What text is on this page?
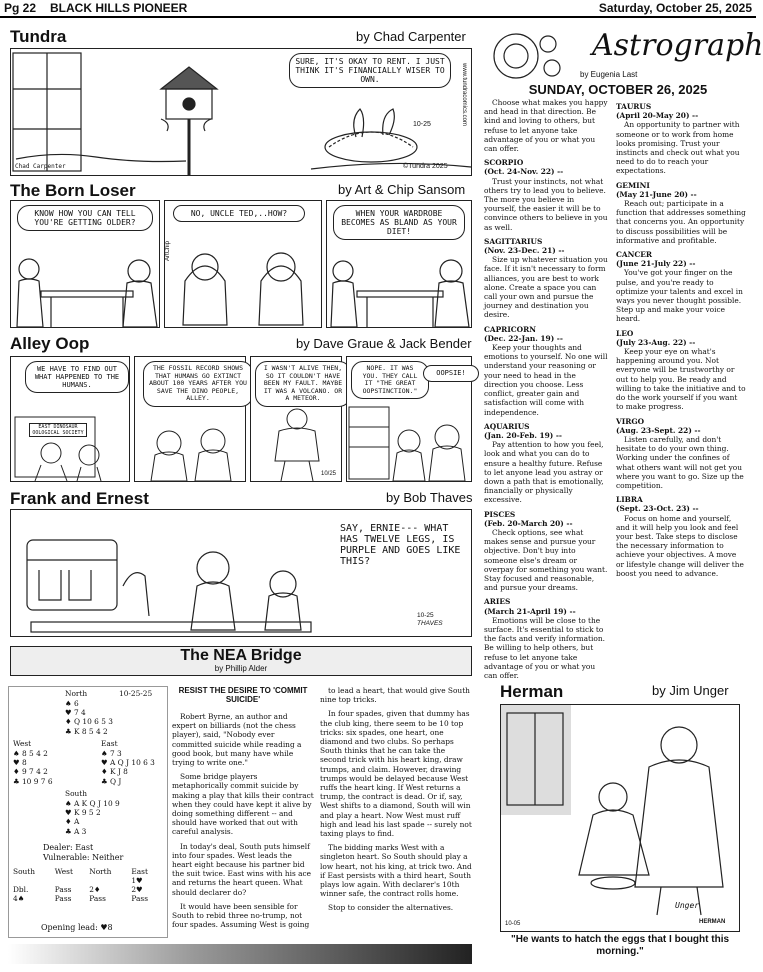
Pg 22 BLACK HILLS PIONEER	Saturday, October 25, 2025
Tundra	by Chad Carpenter
SURE, IT'S OKAY TO RENT. I JUST THINK IT'S FINANCIALLY WISER TO OWN.
10-25
©Tundra 2025
Chad Carpenter
www.tundracomics.com
The Born Loser	by Art & Chip Sansom
KNOW HOW YOU CAN TELL YOU'RE GETTING OLDER?
NO, UNCLE TED,..HOW?
ArtChip
WHEN YOUR WARDROBE BECOMES AS BLAND AS YOUR DIET!
Alley Oop	by Dave Graue & Jack Bender
WE HAVE TO FIND OUT WHAT HAPPENED TO THE HUMANS.
EAST DINOSAUR OOLOGICAL SOCIETY
THE FOSSIL RECORD SHOWS THAT HUMANS GO EXTINCT ABOUT 100 YEARS AFTER YOU SAVE THE DINO PEOPLE, ALLEY.
I WASN'T ALIVE THEN, SO IT COULDN'T HAVE BEEN MY FAULT. MAYBE IT WAS A VOLCANO. OR A METEOR.
10/25
NOPE. IT WAS YOU. THEY CALL IT "THE GREAT OOPSTINCTION."
OOPSIE!
Frank and Ernest	by Bob Thaves
SAY, ERNIE--- WHAT HAS TWELVE LEGS, IS PURPLE AND GOES LIKE THIS?
10-25
THAVES
Astrograph
by Eugenia Last
SUNDAY, OCTOBER 26, 2025

Choose what makes you happy and head in that direction. Be kind and loving to others, but refuse to let anyone take advantage of you or what you can offer.

SCORPIO
(Oct. 24-Nov. 22) --

Trust your instincts, not what others try to lead you to believe. The more you believe in yourself, the easier it will be to convince others to believe in you as well.

SAGITTARIUS
(Nov. 23-Dec. 21) --

Size up whatever situation you face. If it isn't necessary to form alliances, you are best to work alone. Create a space you can call your own and pursue the journey and destination you desire.

CAPRICORN
(Dec. 22-Jan. 19) --

Keep your thoughts and emotions to yourself. No one will understand your reasoning or your need to head in the direction you choose. Less conflict, greater gain and satisfaction will come with independence.

AQUARIUS
(Jan. 20-Feb. 19) --

Pay attention to how you feel, look and what you can do to ensure a healthy future. Refuse to let anyone lead you astray or down a path that is emotionally, financially or physically excessive.

PISCES
(Feb. 20-March 20) --

Check options, see what makes sense and pursue your objective. Don't buy into someone else's dream or overpay for something you want. Stay focused and reasonable, and pursue your dreams.

ARIES
(March 21-April 19) --

Emotions will be close to the surface. It's essential to stick to the facts and verify information. Be willing to help others, but refuse to let anyone take advantage of you or what you can offer.

TAURUS
(April 20-May 20) --

An opportunity to partner with someone or to work from home looks promising. Trust your instincts and check out what you need to do to reach your expectations.

GEMINI
(May 21-June 20) --

Reach out; participate in a function that addresses something that concerns you. An opportunity to discuss possibilities will be informative and profitable.

CANCER
(June 21-July 22) --

You've got your finger on the pulse, and you're ready to optimize your talents and excel in ways you never thought possible. Step up and make your voice heard.

LEO
(July 23-Aug. 22) --

Keep your eye on what's happening around you. Not everyone will be trustworthy or out to help you. Be ready and willing to take the initiative and to do the work yourself if you want to make progress.

VIRGO
(Aug. 23-Sept. 22) --

Listen carefully, and don't hesitate to do your own thing. Working under the confines of what others want will not get you where you want to go. Size up the competition.

LIBRA
(Sept. 23-Oct. 23) --

Focus on home and yourself, and it will help you look and feel your best. Take steps to disclose the necessary information to achieve your objectives. A move or lifestyle change will deliver the boost you need to advance.

The NEA Bridge
by Phillip Alder
North	10-25-25
♠ 6
♥ 7 4
♦ Q 10 6 5 3
♣ K 8 5 4 2
West
♠ 8 5 4 2
♥ 8
♦ 9 7 4 2
♣ 10 9 7 6
East
♠ 7 3
♥ A Q J 10 6 3
♦ K J 8
♣ Q J
South
♠ A K Q J 10 9
♥ K 9 5 2
♦ A
♣ A 3
Dealer: East
Vulnerable: Neither
South	West	North	East
			1♥
Dbl.	Pass	2♦	2♥
4♠	Pass	Pass	Pass
Opening lead: ♥8
RESIST THE DESIRE TO 'COMMIT SUICIDE'

Robert Byrne, an author and expert on billiards (not the chess player), said, "Nobody ever committed suicide while reading a good book, but many have while trying to write one."

Some bridge players metaphorically commit suicide by making a play that kills their contract when they could have kept it alive by doing something different -- and should have worked that out with careful analysis.

In today's deal, South puts himself into four spades. West leads the heart eight because his partner bid the suit twice. East wins with his ace and returns the heart queen. What should declarer do?

It would have been sensible for South to rebid three no-trump, not four spades. Assuming West is going

to lead a heart, that would give South nine top tricks.

In four spades, given that dummy has the club king, there seem to be 10 top tricks: six spades, one heart, one diamond and two clubs. So perhaps South thinks that he can take the second trick with his heart king, draw trumps, and claim. However, drawing trumps would be delayed because West ruffs the heart king. If West returns a trump, the contract is dead. Or if, say, West shifts to a diamond, South will win and play a heart. Now West must ruff high and lead his last spade -- surely not taxing plays to find.

The bidding marks West with a singleton heart. So South should play a low heart, not his king, at trick two. And if East persists with a third heart, South plays low again. With declarer's 10th winner safe, the contract rolls home.

Stop to consider the alternatives.

Herman	by Jim Unger
Unger
10-05	HERMAN
"He wants to hatch the eggs that I bought this morning."
